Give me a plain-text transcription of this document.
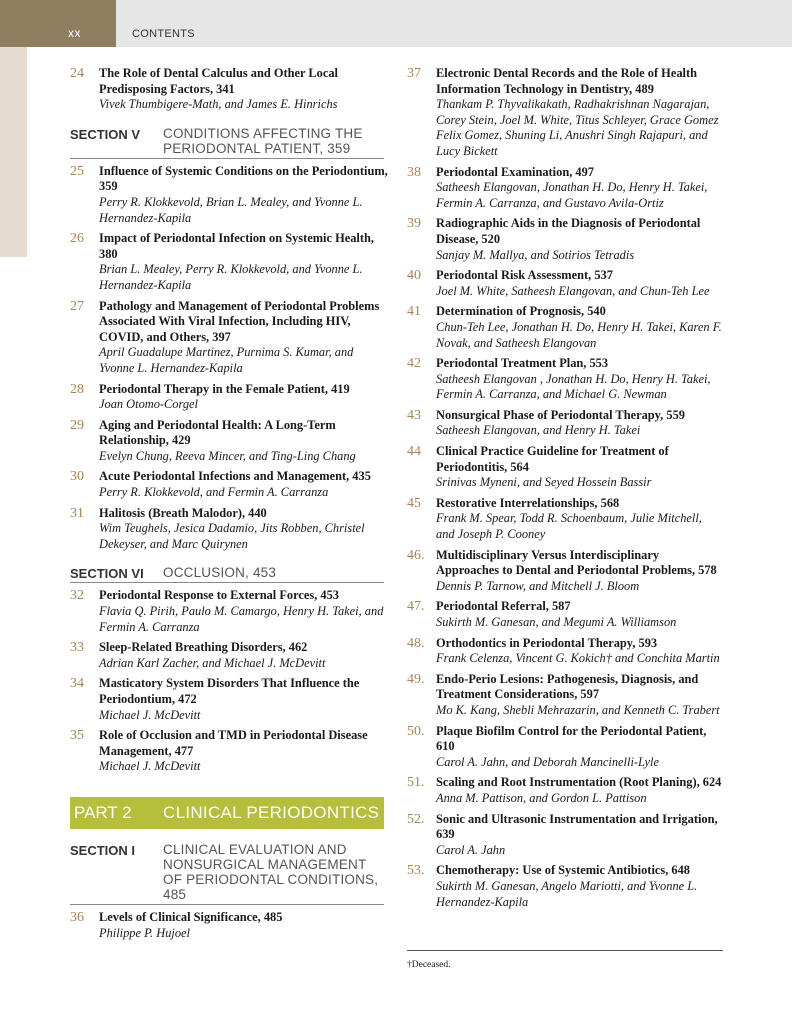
xx	CONTENTS
24	The Role of Dental Calculus and Other Local Predisposing Factors, 341
Vivek Thumbigere-Math, and James E. Hinrichs
SECTION V CONDITIONS AFFECTING THE PERIODONTAL PATIENT, 359
25	Influence of Systemic Conditions on the Periodontium, 359
Perry R. Klokkevold, Brian L. Mealey, and Yvonne L. Hernandez-Kapila
26	Impact of Periodontal Infection on Systemic Health, 380
Brian L. Mealey, Perry R. Klokkevold, and Yvonne L. Hernandez-Kapila
27	Pathology and Management of Periodontal Problems Associated With Viral Infection, Including HIV, COVID, and Others, 397
April Guadalupe Martinez, Purnima S. Kumar, and Yvonne L. Hernandez-Kapila
28	Periodontal Therapy in the Female Patient, 419
Joan Otomo-Corgel
29	Aging and Periodontal Health: A Long-Term Relationship, 429
Evelyn Chung, Reeva Mincer, and Ting-Ling Chang
30	Acute Periodontal Infections and Management, 435
Perry R. Klokkevold, and Fermin A. Carranza
31	Halitosis (Breath Malodor), 440
Wim Teughels, Jesica Dadamio, Jits Robben, Christel Dekeyser, and Marc Quirynen
SECTION VI OCCLUSION, 453
32	Periodontal Response to External Forces, 453
Flavia Q. Pirih, Paulo M. Camargo, Henry H. Takei, and Fermin A. Carranza
33	Sleep-Related Breathing Disorders, 462
Adrian Karl Zacher, and Michael J. McDevitt
34	Masticatory System Disorders That Influence the Periodontium, 472
Michael J. McDevitt
35	Role of Occlusion and TMD in Periodontal Disease Management, 477
Michael J. McDevitt
PART 2 CLINICAL PERIODONTICS
SECTION I CLINICAL EVALUATION AND NONSURGICAL MANAGEMENT OF PERIODONTAL CONDITIONS, 485
36	Levels of Clinical Significance, 485
Philippe P. Hujoel
37	Electronic Dental Records and the Role of Health Information Technology in Dentistry, 489
Thankam P. Thyvalikakath, Radhakrishnan Nagarajan, Corey Stein, Joel M. White, Titus Schleyer, Grace Gomez Felix Gomez, Shuning Li, Anushri Singh Rajapuri, and Lucy Bickett
38	Periodontal Examination, 497
Satheesh Elangovan, Jonathan H. Do, Henry H. Takei, Fermin A. Carranza, and Gustavo Avila-Ortiz
39	Radiographic Aids in the Diagnosis of Periodontal Disease, 520
Sanjay M. Mallya, and Sotirios Tetradis
40	Periodontal Risk Assessment, 537
Joel M. White, Satheesh Elangovan, and Chun-Teh Lee
41	Determination of Prognosis, 540
Chun-Teh Lee, Jonathan H. Do, Henry H. Takei, Karen F. Novak, and Satheesh Elangovan
42	Periodontal Treatment Plan, 553
Satheesh Elangovan , Jonathan H. Do, Henry H. Takei, Fermin A. Carranza, and Michael G. Newman
43	Nonsurgical Phase of Periodontal Therapy, 559
Satheesh Elangovan, and Henry H. Takei
44	Clinical Practice Guideline for Treatment of Periodontitis, 564
Srinivas Myneni, and Seyed Hossein Bassir
45	Restorative Interrelationships, 568
Frank M. Spear, Todd R. Schoenbaum, Julie Mitchell, and Joseph P. Cooney
46. Multidisciplinary Versus Interdisciplinary Approaches to Dental and Periodontal Problems, 578
Dennis P. Tarnow, and Mitchell J. Bloom
47. Periodontal Referral, 587
Sukirth M. Ganesan, and Megumi A. Williamson
48. Orthodontics in Periodontal Therapy, 593
Frank Celenza, Vincent G. Kokich† and Conchita Martin
49. Endo-Perio Lesions: Pathogenesis, Diagnosis, and Treatment Considerations, 597
Mo K. Kang, Shebli Mehrazarin, and Kenneth C. Trabert
50. Plaque Biofilm Control for the Periodontal Patient, 610
Carol A. Jahn, and Deborah Mancinelli-Lyle
51. Scaling and Root Instrumentation (Root Planing), 624
Anna M. Pattison, and Gordon L. Pattison
52. Sonic and Ultrasonic Instrumentation and Irrigation, 639
Carol A. Jahn
53. Chemotherapy: Use of Systemic Antibiotics, 648
Sukirth M. Ganesan, Angelo Mariotti, and Yvonne L. Hernandez-Kapila
†Deceased.
